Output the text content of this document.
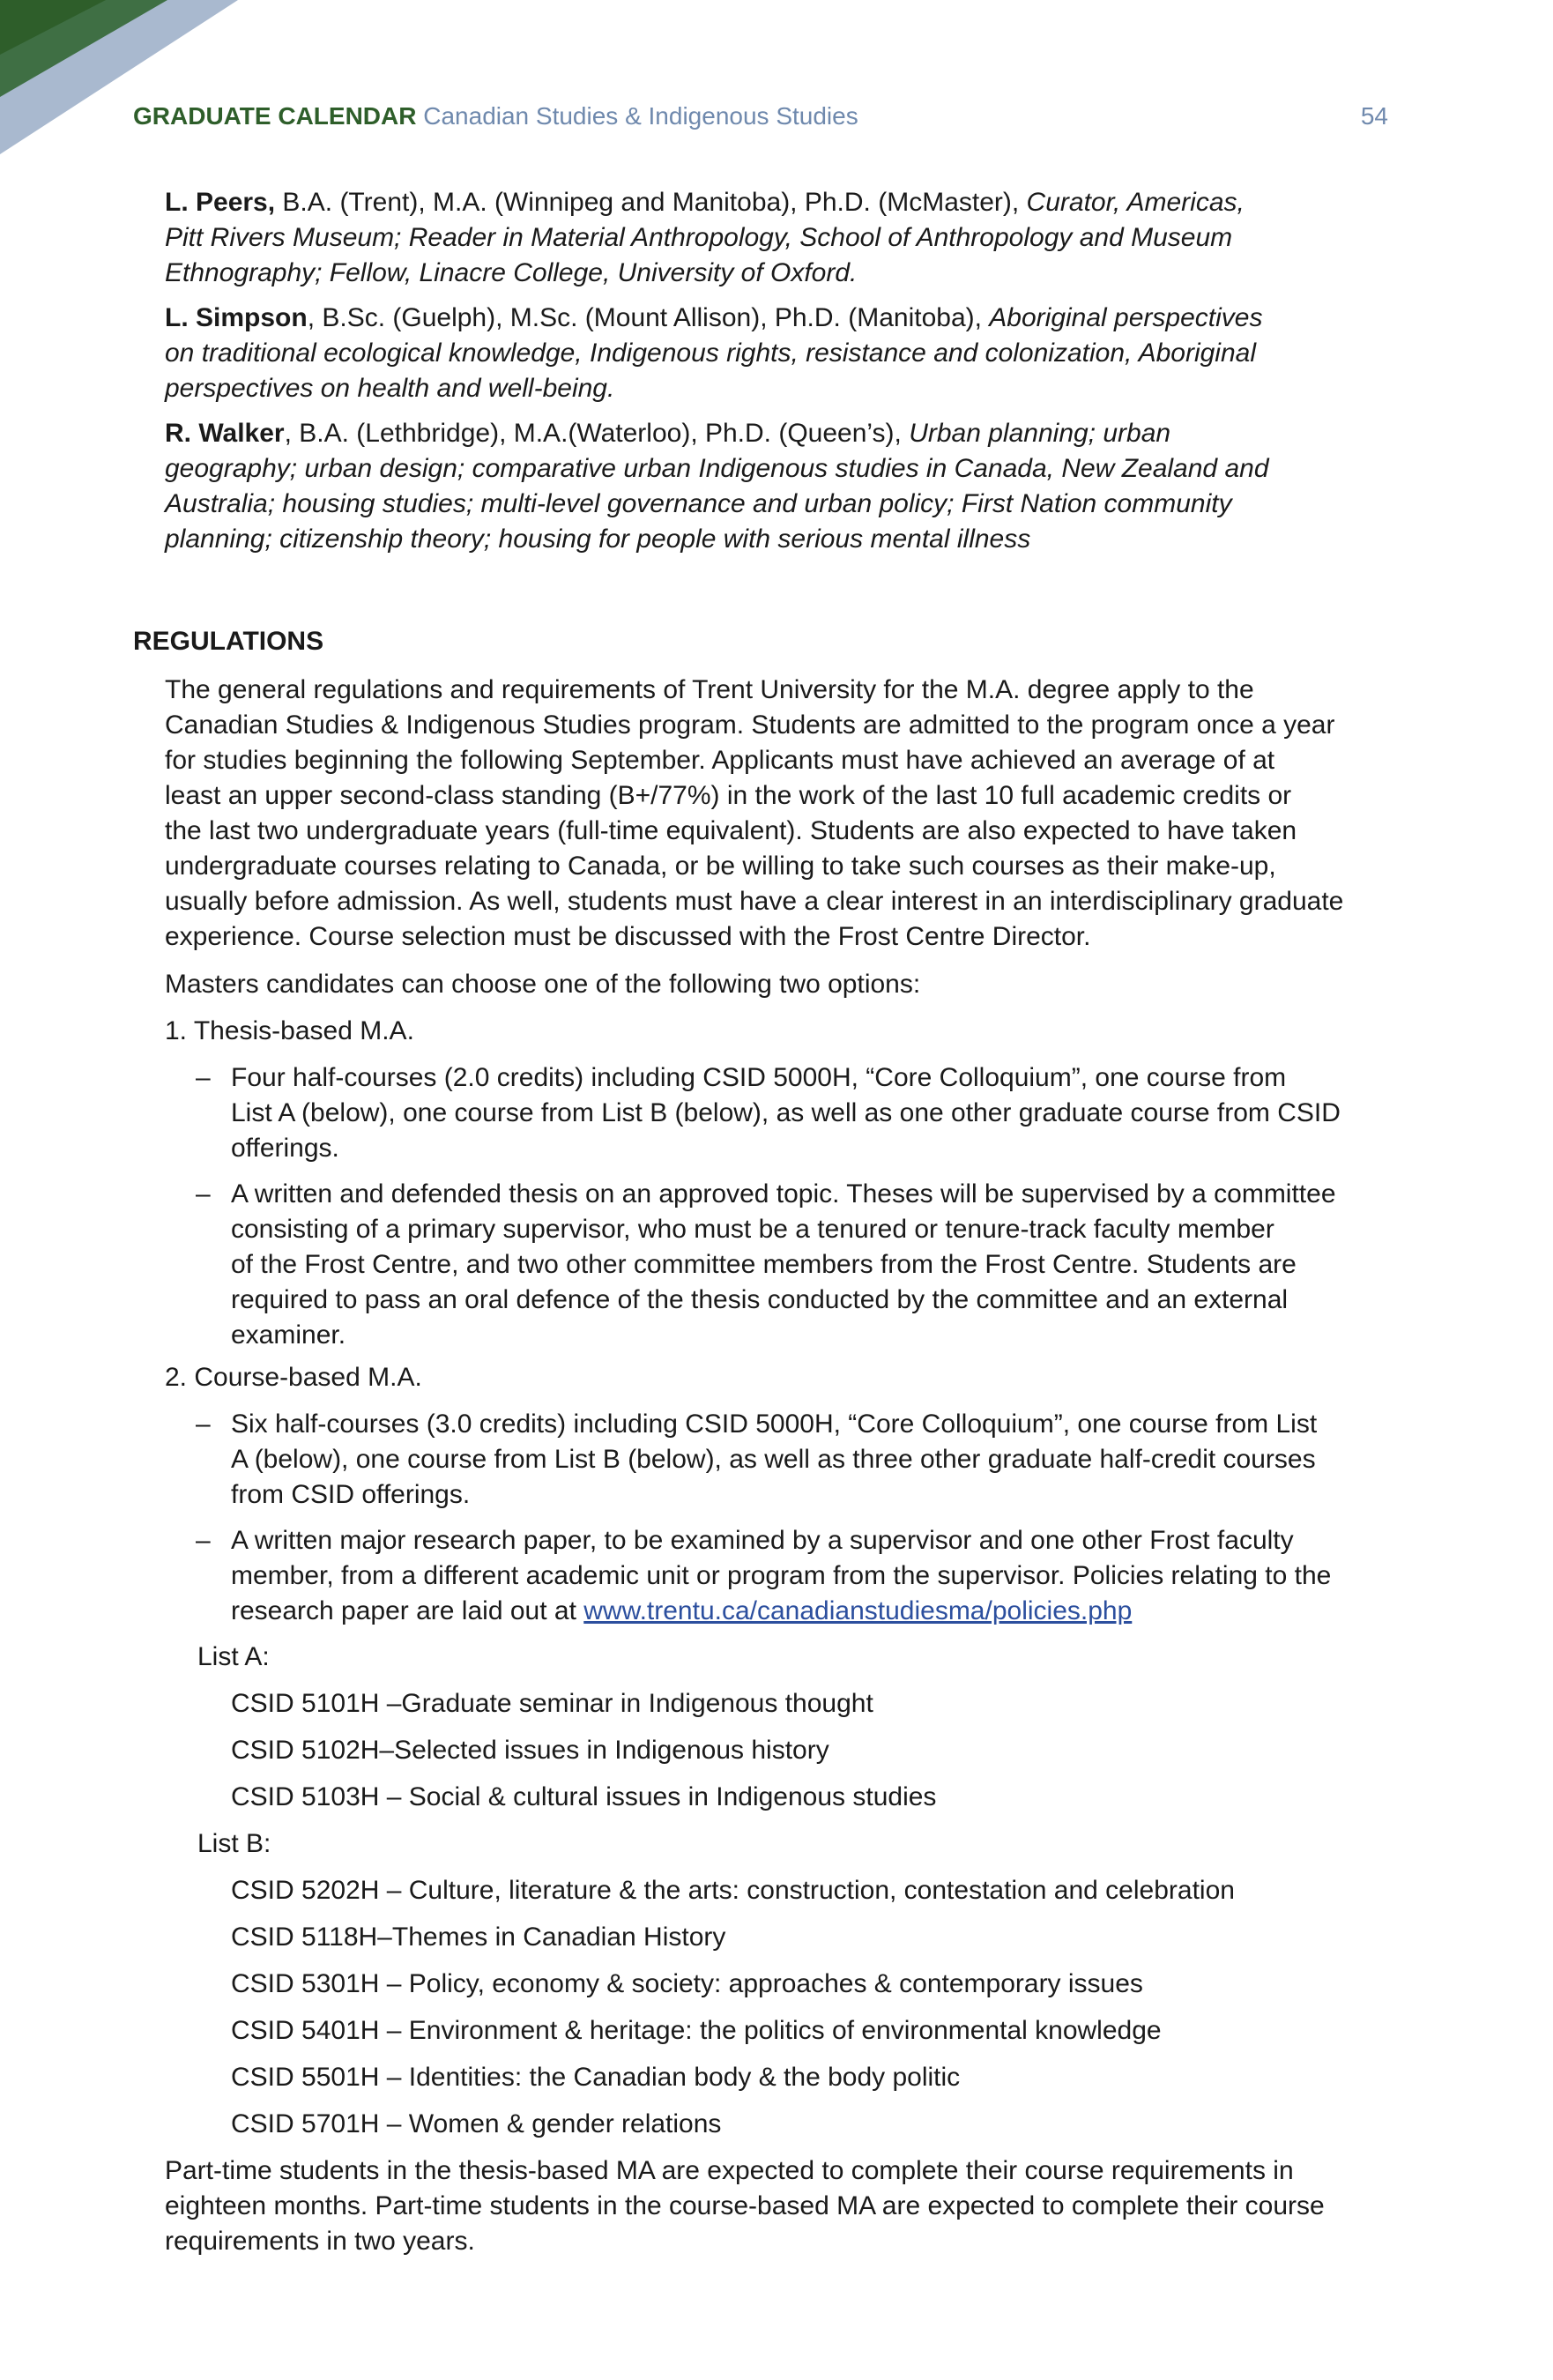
GRADUATE CALENDAR Canadian Studies & Indigenous Studies	54
L. Peers, B.A. (Trent), M.A. (Winnipeg and Manitoba), Ph.D. (McMaster), Curator, Americas,
Pitt Rivers Museum; Reader in Material Anthropology, School of Anthropology and Museum
Ethnography; Fellow, Linacre College, University of Oxford.
L. Simpson, B.Sc. (Guelph), M.Sc. (Mount Allison), Ph.D. (Manitoba), Aboriginal perspectives
on traditional ecological knowledge, Indigenous rights, resistance and colonization, Aboriginal
perspectives on health and well-being.
R. Walker, B.A. (Lethbridge), M.A.(Waterloo), Ph.D. (Queen’s), Urban planning; urban
geography; urban design; comparative urban Indigenous studies in Canada, New Zealand and
Australia; housing studies; multi-level governance and urban policy; First Nation community
planning; citizenship theory; housing for people with serious mental illness
REGULATIONS
The general regulations and requirements of Trent University for the M.A. degree apply to the
Canadian Studies & Indigenous Studies program. Students are admitted to the program once a year
for studies beginning the following September. Applicants must have achieved an average of at
least an upper second-class standing (B+/77%) in the work of the last 10 full academic credits or
the last two undergraduate years (full-time equivalent). Students are also expected to have taken
undergraduate courses relating to Canada, or be willing to take such courses as their make-up,
usually before admission. As well, students must have a clear interest in an interdisciplinary graduate
experience. Course selection must be discussed with the Frost Centre Director.
Masters candidates can choose one of the following two options:
1. Thesis-based M.A.
– Four half-courses (2.0 credits) including CSID 5000H, “Core Colloquium”, one course from
List A (below), one course from List B (below), as well as one other graduate course from CSID
offerings.
– A written and defended thesis on an approved topic. Theses will be supervised by a committee
consisting of a primary supervisor, who must be a tenured or tenure-track faculty member
of the Frost Centre, and two other committee members from the Frost Centre. Students are
required to pass an oral defence of the thesis conducted by the committee and an external
examiner.
2. Course-based M.A.
– Six half-courses (3.0 credits) including CSID 5000H, “Core Colloquium”, one course from List
A (below), one course from List B (below), as well as three other graduate half-credit courses
from CSID offerings.
– A written major research paper, to be examined by a supervisor and one other Frost faculty
member, from a different academic unit or program from the supervisor. Policies relating to the
research paper are laid out at www.trentu.ca/canadianstudiesma/policies.php
List A:
CSID 5101H –Graduate seminar in Indigenous thought
CSID 5102H–Selected issues in Indigenous history
CSID 5103H – Social & cultural issues in Indigenous studies
List B:
CSID 5202H – Culture, literature & the arts: construction, contestation and celebration
CSID 5118H–Themes in Canadian History
CSID 5301H – Policy, economy & society: approaches & contemporary issues
CSID 5401H – Environment & heritage: the politics of environmental knowledge
CSID 5501H – Identities: the Canadian body & the body politic
CSID 5701H – Women & gender relations
Part-time students in the thesis-based MA are expected to complete their course requirements in
eighteen months. Part-time students in the course-based MA are expected to complete their course
requirements in two years.
